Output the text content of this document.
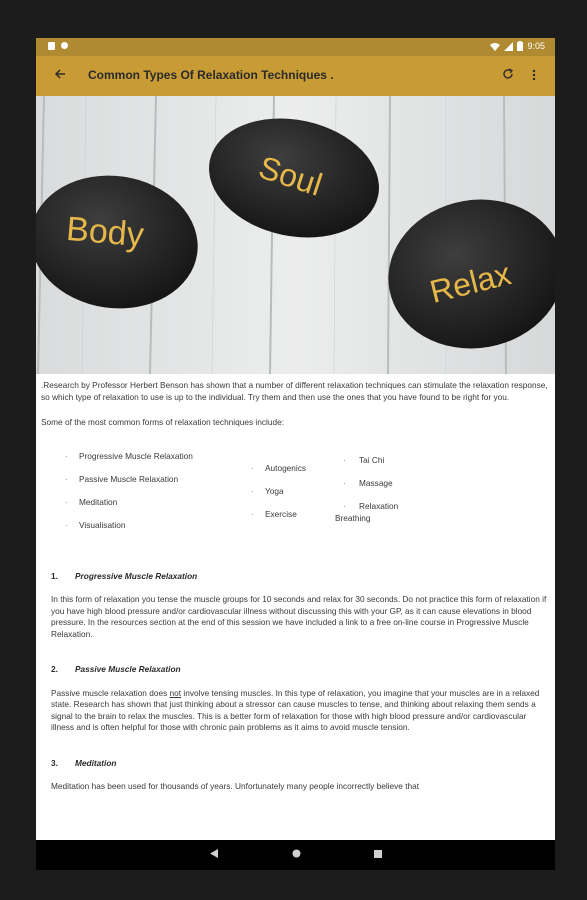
9:05
Common Types Of Relaxation Techniques .
Body
Soul
Relax

.Research by Professor Herbert Benson has shown that a number of different relaxation techniques can stimulate the relaxation response, so which type of relaxation to use is up to the individual. Try them and then use the ones that you have found to be right for you.

Some of the most common forms of relaxation techniques include:

· Progressive Muscle Relaxation
· Passive Muscle Relaxation
· Meditation
· Visualisation
· Autogenics
· Yoga
· Exercise
· Tai Chi
· Massage
· Relaxation
Breathing
1.	Progressive Muscle Relaxation

In this form of relaxation you tense the muscle groups for 10 seconds and relax for 30 seconds. Do not practice this form of relaxation if you have high blood pressure and/or cardiovascular illness without discussing this with your GP, as it can cause elevations in blood pressure. In the resources section at the end of this session we have included a link to a free on-line course in Progressive Muscle Relaxation.

2.	Passive Muscle Relaxation

Passive muscle relaxation does not involve tensing muscles. In this type of relaxation, you imagine that your muscles are in a relaxed state. Research has shown that just thinking about a stressor can cause muscles to tense, and thinking about relaxing them sends a signal to the brain to relax the muscles. This is a better form of relaxation for those with high blood pressure and/or cardiovascular illness and is often helpful for those with chronic pain problems as it aims to avoid muscle tension.

3.	Meditation

Meditation has been used for thousands of years. Unfortunately many people incorrectly believe that
